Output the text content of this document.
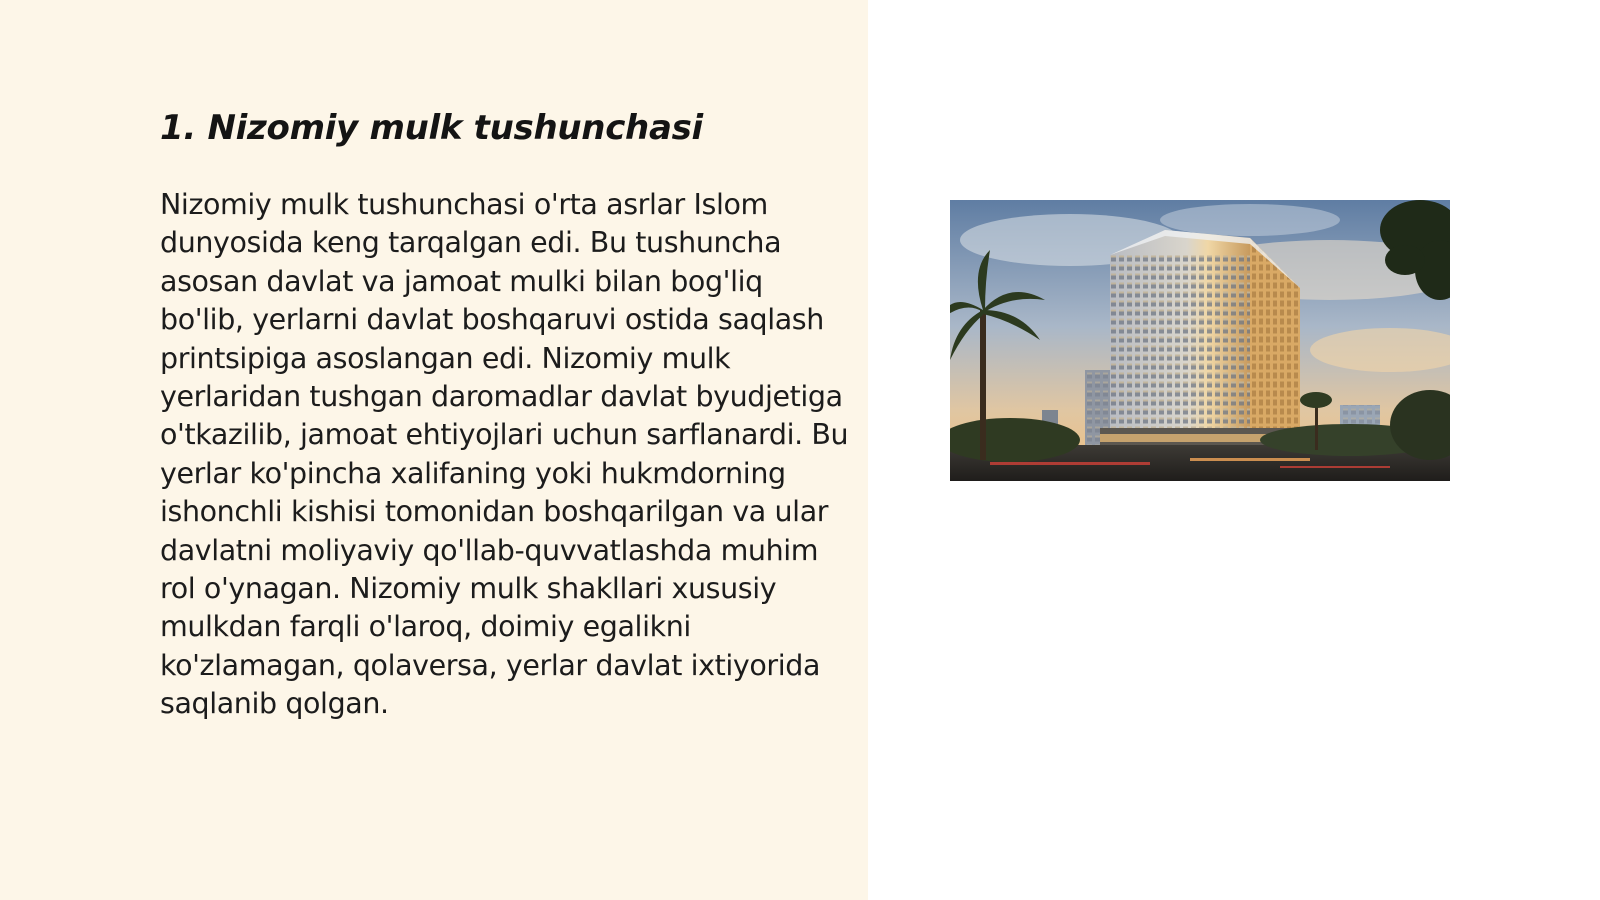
1. Nizomiy mulk tushunchasi

Nizomiy mulk tushunchasi o'rta asrlar Islom dunyosida keng tarqalgan edi. Bu tushuncha asosan davlat va jamoat mulki bilan bog'liq bo'lib, yerlarni davlat boshqaruvi ostida saqlash printsipiga asoslangan edi. Nizomiy mulk yerlaridan tushgan daromadlar davlat byudjetiga o'tkazilib, jamoat ehtiyojlari uchun sarflanardi. Bu yerlar ko'pincha xalifaning yoki hukmdorning ishonchli kishisi tomonidan boshqarilgan va ular davlatni moliyaviy qo'llab-quvvatlashda muhim rol o'ynagan. Nizomiy mulk shakllari xususiy mulkdan farqli o'laroq, doimiy egalikni ko'zlamagan, qolaversa, yerlar davlat ixtiyorida saqlanib qolgan.
